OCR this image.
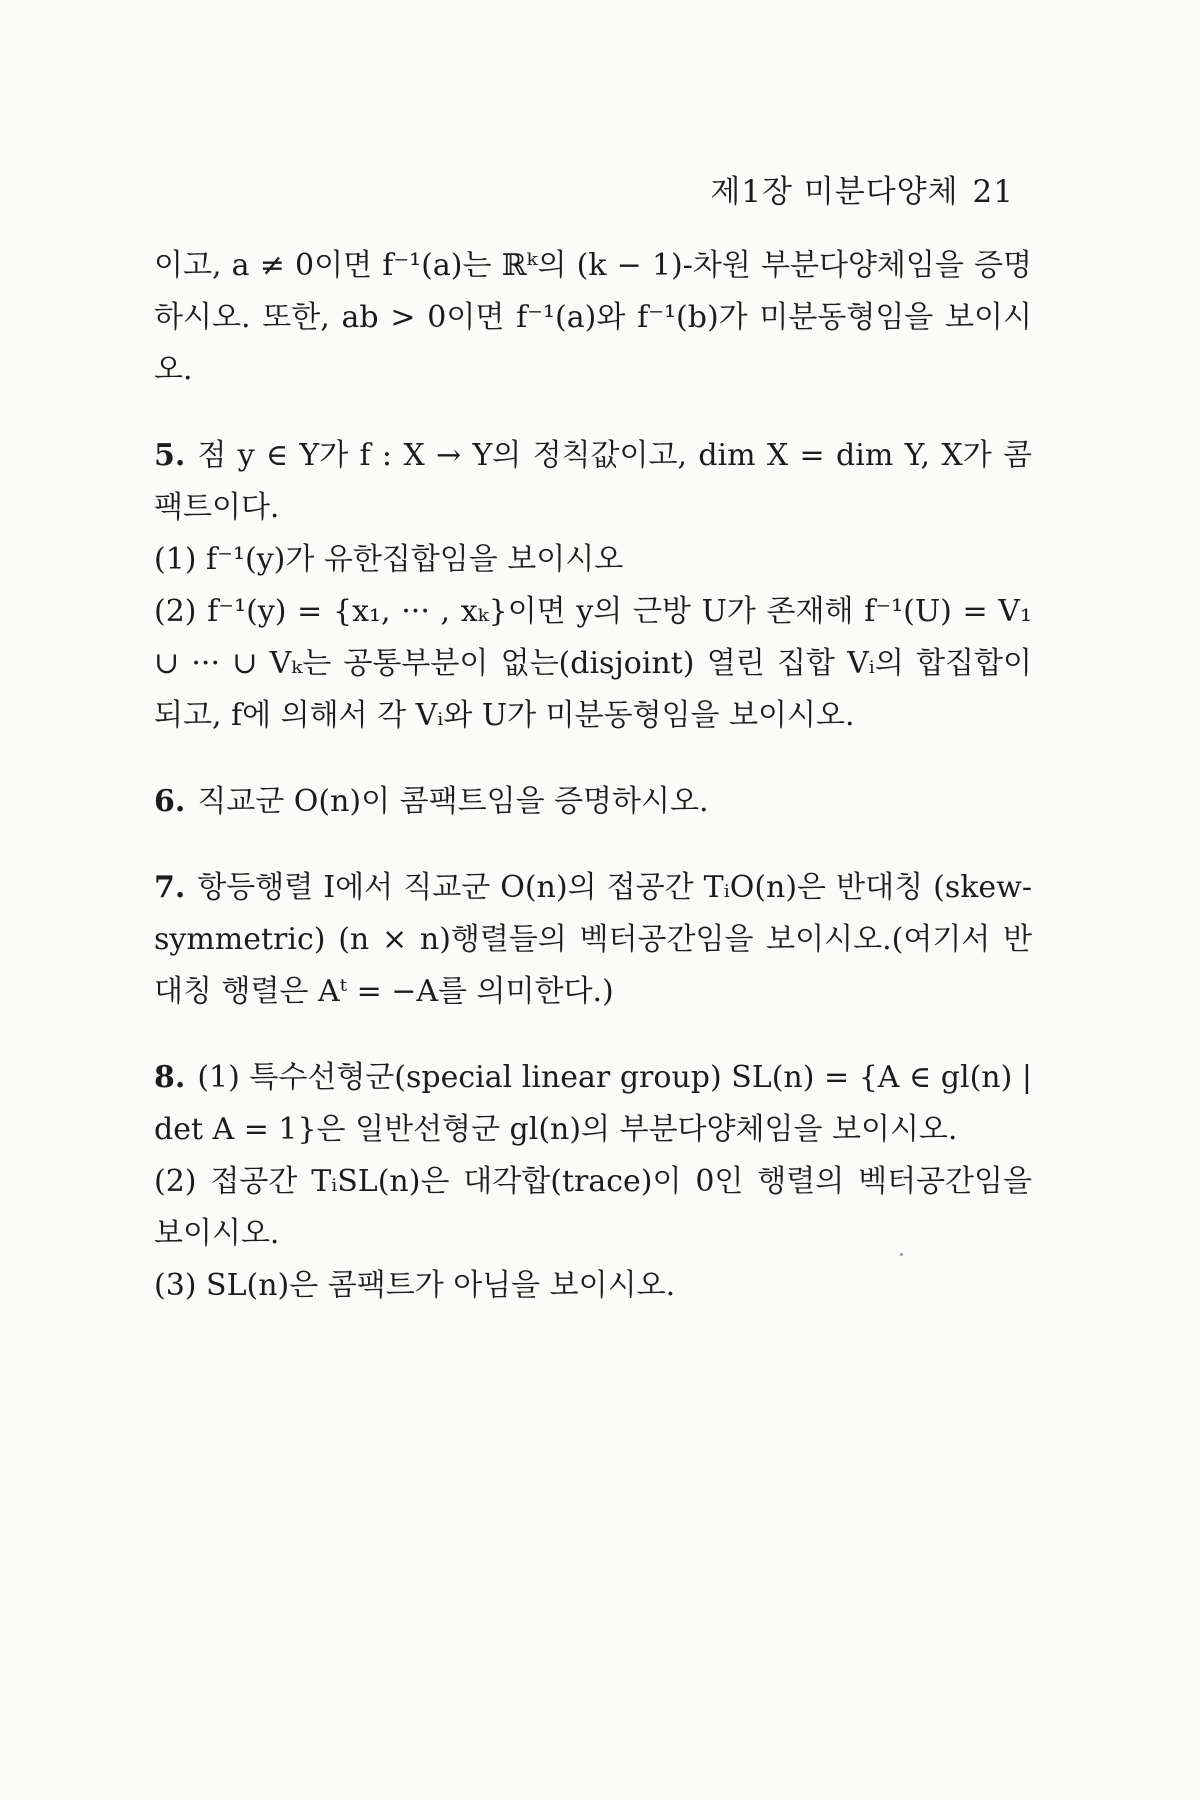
제1장 미분다양체 21

이고, a ≠ 0이면 f⁻¹(a)는 ℝᵏ의 (k − 1)-차원 부분다양체임을 증명하시오. 또한, ab > 0이면 f⁻¹(a)와 f⁻¹(b)가 미분동형임을 보이시오.

5. 점 y ∈ Y가 f : X → Y의 정칙값이고, dim X = dim Y, X가 콤팩트이다.

(1) f⁻¹(y)가 유한집합임을 보이시오

(2) f⁻¹(y) = {x₁, ··· , xₖ}이면 y의 근방 U가 존재해 f⁻¹(U) = V₁ ∪ ··· ∪ Vₖ는 공통부분이 없는(disjoint) 열린 집합 Vᵢ의 합집합이 되고, f에 의해서 각 Vᵢ와 U가 미분동형임을 보이시오.

6. 직교군 O(n)이 콤팩트임을 증명하시오.

7. 항등행렬 I에서 직교군 O(n)의 접공간 TᵢO(n)은 반대칭 (skew-symmetric) (n × n)행렬들의 벡터공간임을 보이시오.(여기서 반대칭 행렬은 Aᵗ = −A를 의미한다.)

8. (1) 특수선형군(special linear group) SL(n) = {A ∈ gl(n) | det A = 1}은 일반선형군 gl(n)의 부분다양체임을 보이시오.

(2) 접공간 TᵢSL(n)은 대각합(trace)이 0인 행렬의 벡터공간임을 보이시오.

(3) SL(n)은 콤팩트가 아님을 보이시오.
